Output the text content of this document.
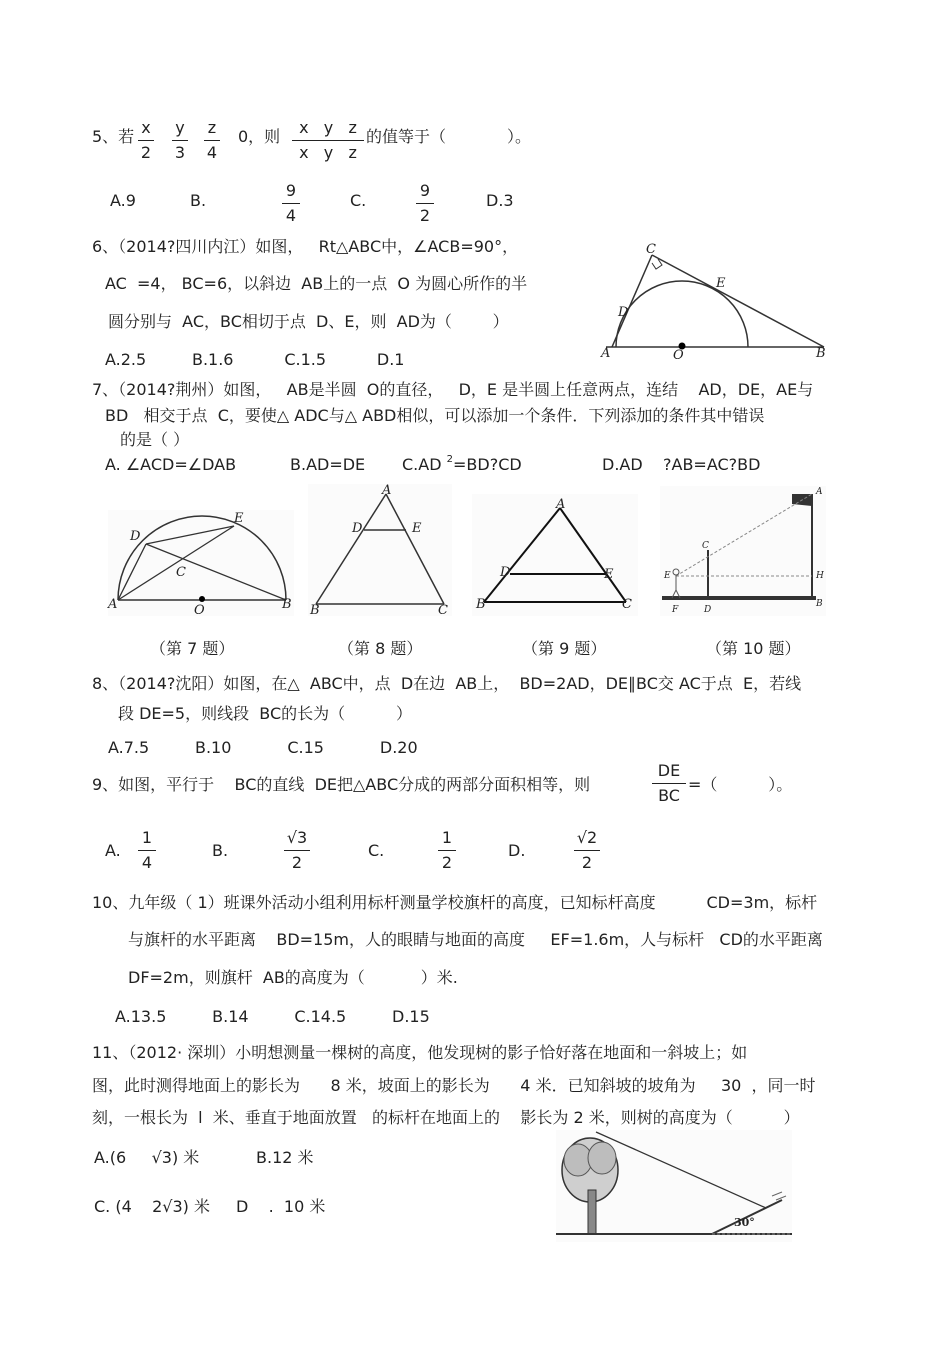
5、若 x
2
y
3
z
4
0，则	x   y   z
x   y   z
的值等于（            ）。
A.9	B.
9
4
C.
9
2
D.3
6、（2014?四川内江）如图，   Rt△ABC中，∠ACB=90°，
AC  =4， BC=6，以斜边  AB上的一点  O 为圆心所作的半
圆分别与  AC，BC相切于点  D、E，则  AD为（        ）
A.2.5         B.1.6          C.1.5          D.1
C
D
E
A	O	B
7、（2014?荆州）如图，   AB是半圆  O的直径，   D，E 是半圆上任意两点，连结    AD，DE，AE与
BD   相交于点  C，要使△ ADC与△ ABD相似，可以添加一个条件．下列添加的条件其中错误
的是（ ）
A. ∠ACD=∠DAB	B.AD=DE C.AD $^2$=BD?CD	D.AD    ?AB=AC?BD
D
E
C
A	O	B
A
D	E
B	C
A
D	E
B	C
A
C
E	H
F	D
B
（第 7 题）	（第 8 题）	（第 9 题）	（第 10 题）
8、（2014?沈阳）如图，在△  ABC中，点  D在边  AB上，  BD=2AD，DE∥BC交 AC于点  E，若线
段 DE=5，则线段  BC的长为（          ）
A.7.5         B.10           C.15           D.20
9、如图，平行于    BC的直线  DE把△ABC分成的两部分面积相等，则
DE
BC
=（          ）。
A.
1
4
B.
√3
2
C.
1
2
D.
√2
2
10、九年级（ 1）班课外活动小组利用标杆测量学校旗杆的高度，已知标杆高度          CD=3m，标杆
与旗杆的水平距离    BD=15m，人的眼睛与地面的高度     EF=1.6m，人与标杆   CD的水平距离
DF=2m，则旗杆  AB的高度为（           ）米.
A.13.5         B.14         C.14.5         D.15
11、（2012· 深圳）小明想测量一棵树的高度，他发现树的影子恰好落在地面和一斜坡上；如
图，此时测得地面上的影长为      8 米，坡面上的影长为      4 米．已知斜坡的坡角为     30  ，同一时
刻，一根长为  l  米、垂直于地面放置   的标杆在地面上的    影长为 2 米，则树的高度为（          ）
A.(6     √3) 米	B.12 米
C. (4    2√3) 米 D    .  10 米
30°
